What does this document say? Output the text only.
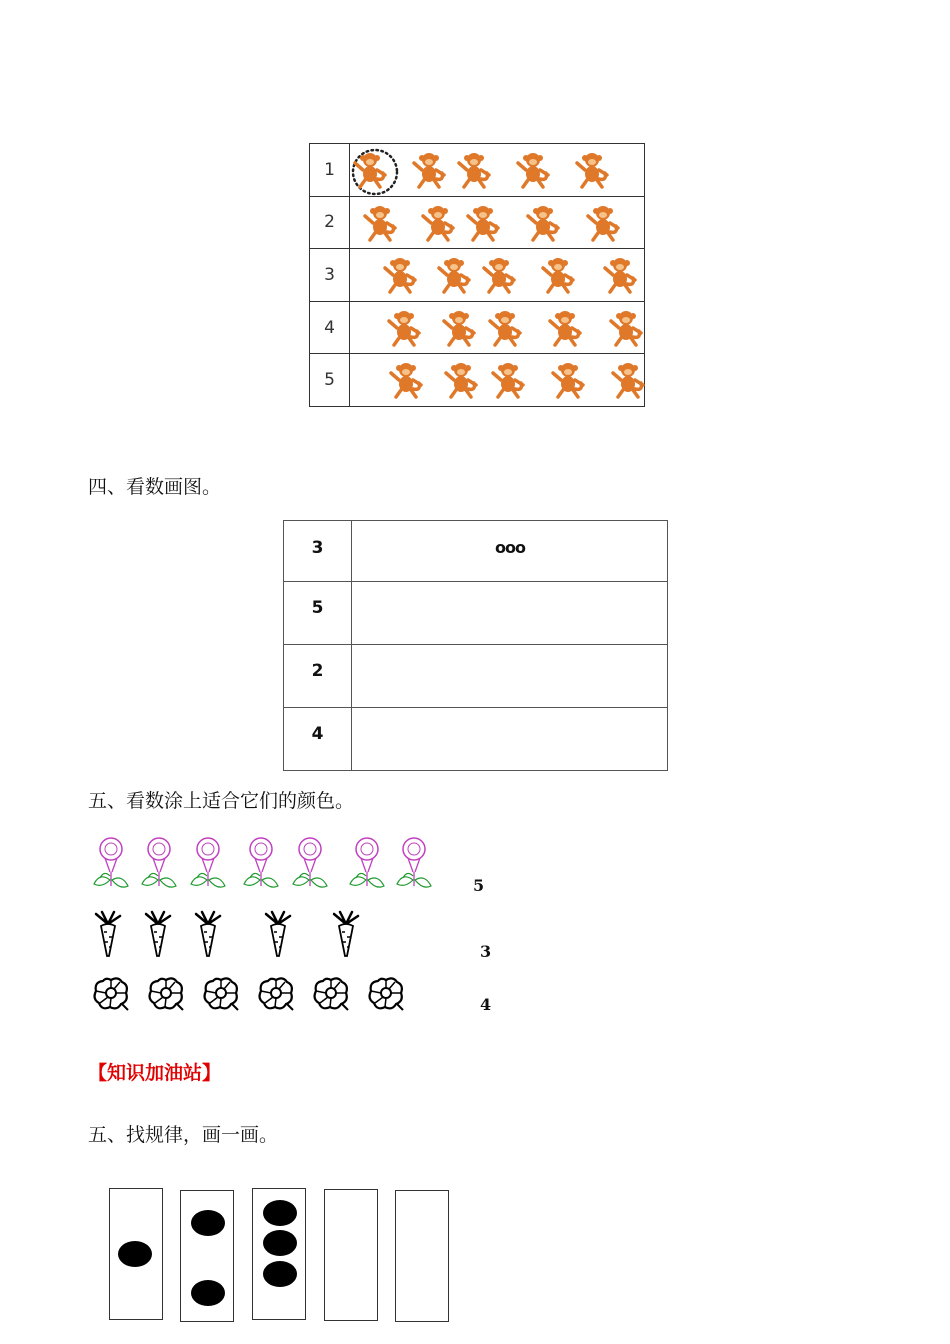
1
2
3
4
5
四、看数画图。
3	ooo
5
2
4
五、看数涂上适合它们的颜色。
5
3
4
【知识加油站】
五、找规律，画一画。
